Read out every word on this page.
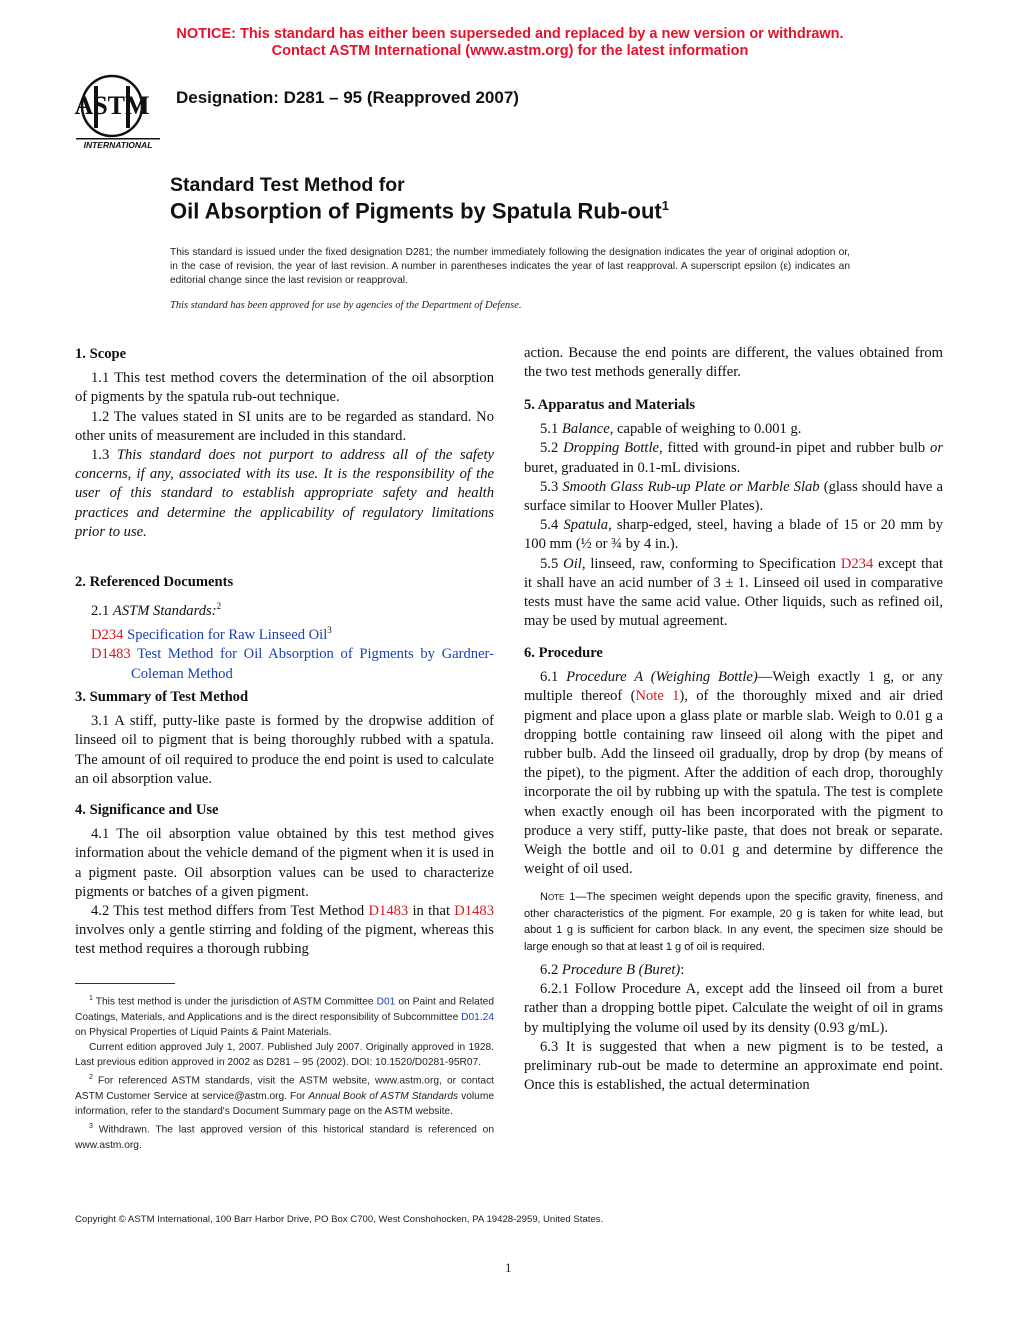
NOTICE: This standard has either been superseded and replaced by a new version or withdrawn.
Contact ASTM International (www.astm.org) for the latest information
ASTM
INTERNATIONAL
Designation: D281 – 95 (Reapproved 2007)
Standard Test Method for
Oil Absorption of Pigments by Spatula Rub-out$^1$
This standard is issued under the fixed designation D281; the number immediately following the designation indicates the year of original adoption or, in the case of revision, the year of last revision. A number in parentheses indicates the year of last reapproval. A superscript epsilon (ε) indicates an editorial change since the last revision or reapproval.
This standard has been approved for use by agencies of the Department of Defense.
1. Scope

1.1 This test method covers the determination of the oil absorption of pigments by the spatula rub-out technique.

1.2 The values stated in SI units are to be regarded as standard. No other units of measurement are included in this standard.

1.3 This standard does not purport to address all of the safety concerns, if any, associated with its use. It is the responsibility of the user of this standard to establish appropriate safety and health practices and determine the applicability of regulatory limitations prior to use.

2. Referenced Documents

2.1 ASTM Standards:$^2$

D234 Specification for Raw Linseed Oil$^3$

D1483 Test Method for Oil Absorption of Pigments by Gardner-Coleman Method

3. Summary of Test Method

3.1 A stiff, putty-like paste is formed by the dropwise addition of linseed oil to pigment that is being thoroughly rubbed with a spatula. The amount of oil required to produce the end point is used to calculate an oil absorption value.

4. Significance and Use

4.1 The oil absorption value obtained by this test method gives information about the vehicle demand of the pigment when it is used in a pigment paste. Oil absorption values can be used to characterize pigments or batches of a given pigment.

4.2 This test method differs from Test Method D1483 in that D1483 involves only a gentle stirring and folding of the pigment, whereas this test method requires a thorough rubbing

$^1$ This test method is under the jurisdiction of ASTM Committee D01 on Paint and Related Coatings, Materials, and Applications and is the direct responsibility of Subcommittee D01.24 on Physical Properties of Liquid Paints & Paint Materials.

Current edition approved July 1, 2007. Published July 2007. Originally approved in 1928. Last previous edition approved in 2002 as D281 – 95 (2002). DOI: 10.1520/D0281-95R07.

$^2$ For referenced ASTM standards, visit the ASTM website, www.astm.org, or contact ASTM Customer Service at service@astm.org. For Annual Book of ASTM Standards volume information, refer to the standard's Document Summary page on the ASTM website.

$^3$ Withdrawn. The last approved version of this historical standard is referenced on www.astm.org.

action. Because the end points are different, the values obtained from the two test methods generally differ.

5. Apparatus and Materials

5.1 Balance, capable of weighing to 0.001 g.

5.2 Dropping Bottle, fitted with ground-in pipet and rubber bulb or buret, graduated in 0.1-mL divisions.

5.3 Smooth Glass Rub-up Plate or Marble Slab (glass should have a surface similar to Hoover Muller Plates).

5.4 Spatula, sharp-edged, steel, having a blade of 15 or 20 mm by 100 mm (½ or ¾ by 4 in.).

5.5 Oil, linseed, raw, conforming to Specification D234 except that it shall have an acid number of 3 ± 1. Linseed oil used in comparative tests must have the same acid value. Other liquids, such as refined oil, may be used by mutual agreement.

6. Procedure

6.1 Procedure A (Weighing Bottle)—Weigh exactly 1 g, or any multiple thereof (Note 1), of the thoroughly mixed and air dried pigment and place upon a glass plate or marble slab. Weigh to 0.01 g a dropping bottle containing raw linseed oil along with the pipet and rubber bulb. Add the linseed oil gradually, drop by drop (by means of the pipet), to the pigment. After the addition of each drop, thoroughly incorporate the oil by rubbing up with the spatula. The test is complete when exactly enough oil has been incorporated with the pigment to produce a very stiff, putty-like paste, that does not break or separate. Weigh the bottle and oil to 0.01 g and determine by difference the weight of oil used.

Note 1—The specimen weight depends upon the specific gravity, fineness, and other characteristics of the pigment. For example, 20 g is taken for white lead, but about 1 g is sufficient for carbon black. In any event, the specimen size should be large enough so that at least 1 g of oil is required.

6.2 Procedure B (Buret):

6.2.1 Follow Procedure A, except add the linseed oil from a buret rather than a dropping bottle pipet. Calculate the weight of oil in grams by multiplying the volume oil used by its density (0.93 g/mL).

6.3 It is suggested that when a new pigment is to be tested, a preliminary rub-out be made to determine an approximate end point. Once this is established, the actual determination

Copyright © ASTM International, 100 Barr Harbor Drive, PO Box C700, West Conshohocken, PA 19428-2959, United States.
1
